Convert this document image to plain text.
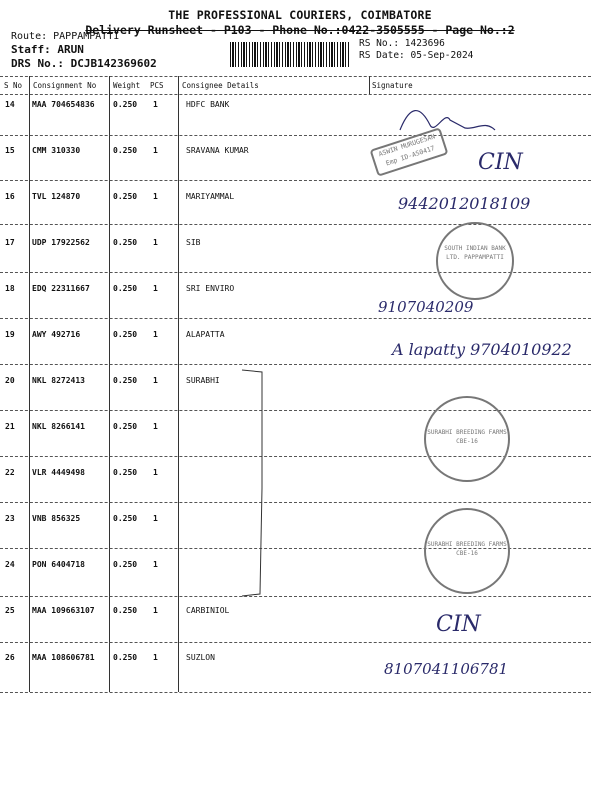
THE PROFESSIONAL COURIERS, COIMBATORE
Delivery Runsheet - P103 - Phone No.:0422-3505555 - Page No.:2
Route: PAPPAMPATTI
Staff: ARUN
DRS No.: DCJB142369602
RS No.: 1423696
RS Date: 05-Sep-2024
S No Consignment No Weight PCS Consignee Details	Signature
14 MAA 704654836 0.250 1	HDFC BANK
15 CMM 310330	0.250 1	SRAVANA KUMAR
16 TVL 124870	0.250 1	MARIYAMMAL
17 UDP 17922562	0.250 1	SIB
18 EDQ 22311667	0.250 1	SRI ENVIRO
19 AWY 492716	0.250 1	ALAPATTA
20 NKL 8272413	0.250 1	SURABHI
21 NKL 8266141	0.250 1
22 VLR 4449498	0.250 1
23 VNB 856325	0.250 1
24 PON 6404718	0.250 1
25 MAA 109663107 0.250 1	CARBINIOL
26 MAA 108606781 0.250 1	SUZLON
ASWIN MURUGESAN Emp ID-AS0417	CIN
9442012018109
SOUTH INDIAN BANK LTD. PAPPAMPATTI
9107040209
A lapatty 9704010922
SURABHI BREEDING FARMS CBE-16
SURABHI BREEDING FARMS CBE-16
CIN
8107041106781
